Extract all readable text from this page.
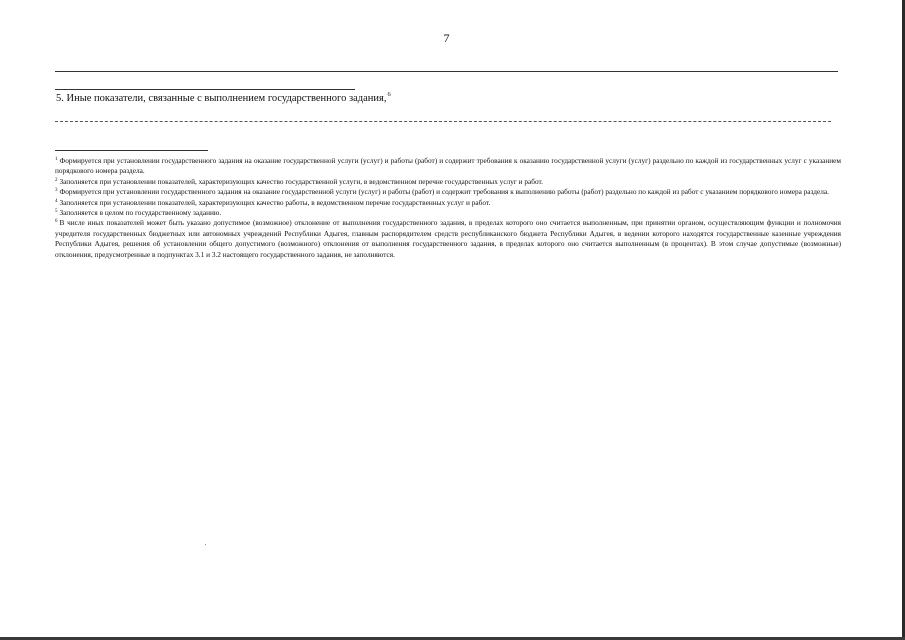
7
5. Иные показатели, связанные с выполнением государственного задания,$^6$

$^1$ Формируется при установлении государственного задания на оказание государственной услуги (услуг) и работы (работ) и содержит требования к оказанию государственной услуги (услуг) раздельно по каждой из государственных услуг с указанием порядкового номера раздела.

$^2$ Заполняется при установлении показателей, характеризующих качество государственной услуги, в ведомственном перечне государственных услуг и работ.

$^3$ Формируется при установлении государственного задания на оказание государственной услуги (услуг) и работы (работ) и содержит требования к выполнению работы (работ) раздельно по каждой из работ с указанием порядкового номера раздела.

$^4$ Заполняется при установлении показателей, характеризующих качество работы, в ведомственном перечне государственных услуг и работ.

$^5$ Заполняется в целом по государственному заданию.

$^6$ В числе иных показателей может быть указано допустимое (возможное) отклонение от выполнения государственного задания, в пределах которого оно считается выполненным, при принятии органом, осуществляющим функции и полномочия учредителя государственных бюджетных или автономных учреждений Республики Адыгея, главным распорядителем средств республиканского бюджета Республики Адыгея, в ведении которого находятся государственные казенные учреждения Республики Адыгея, решения об установлении общего допустимого (возможного) отклонения от выполнения государственного задания, в пределах которого оно считается выполненным (в процентах). В этом случае допустимые (возможные) отклонения, предусмотренные в подпунктах 3.1 и 3.2 настоящего государственного задания, не заполняются.
